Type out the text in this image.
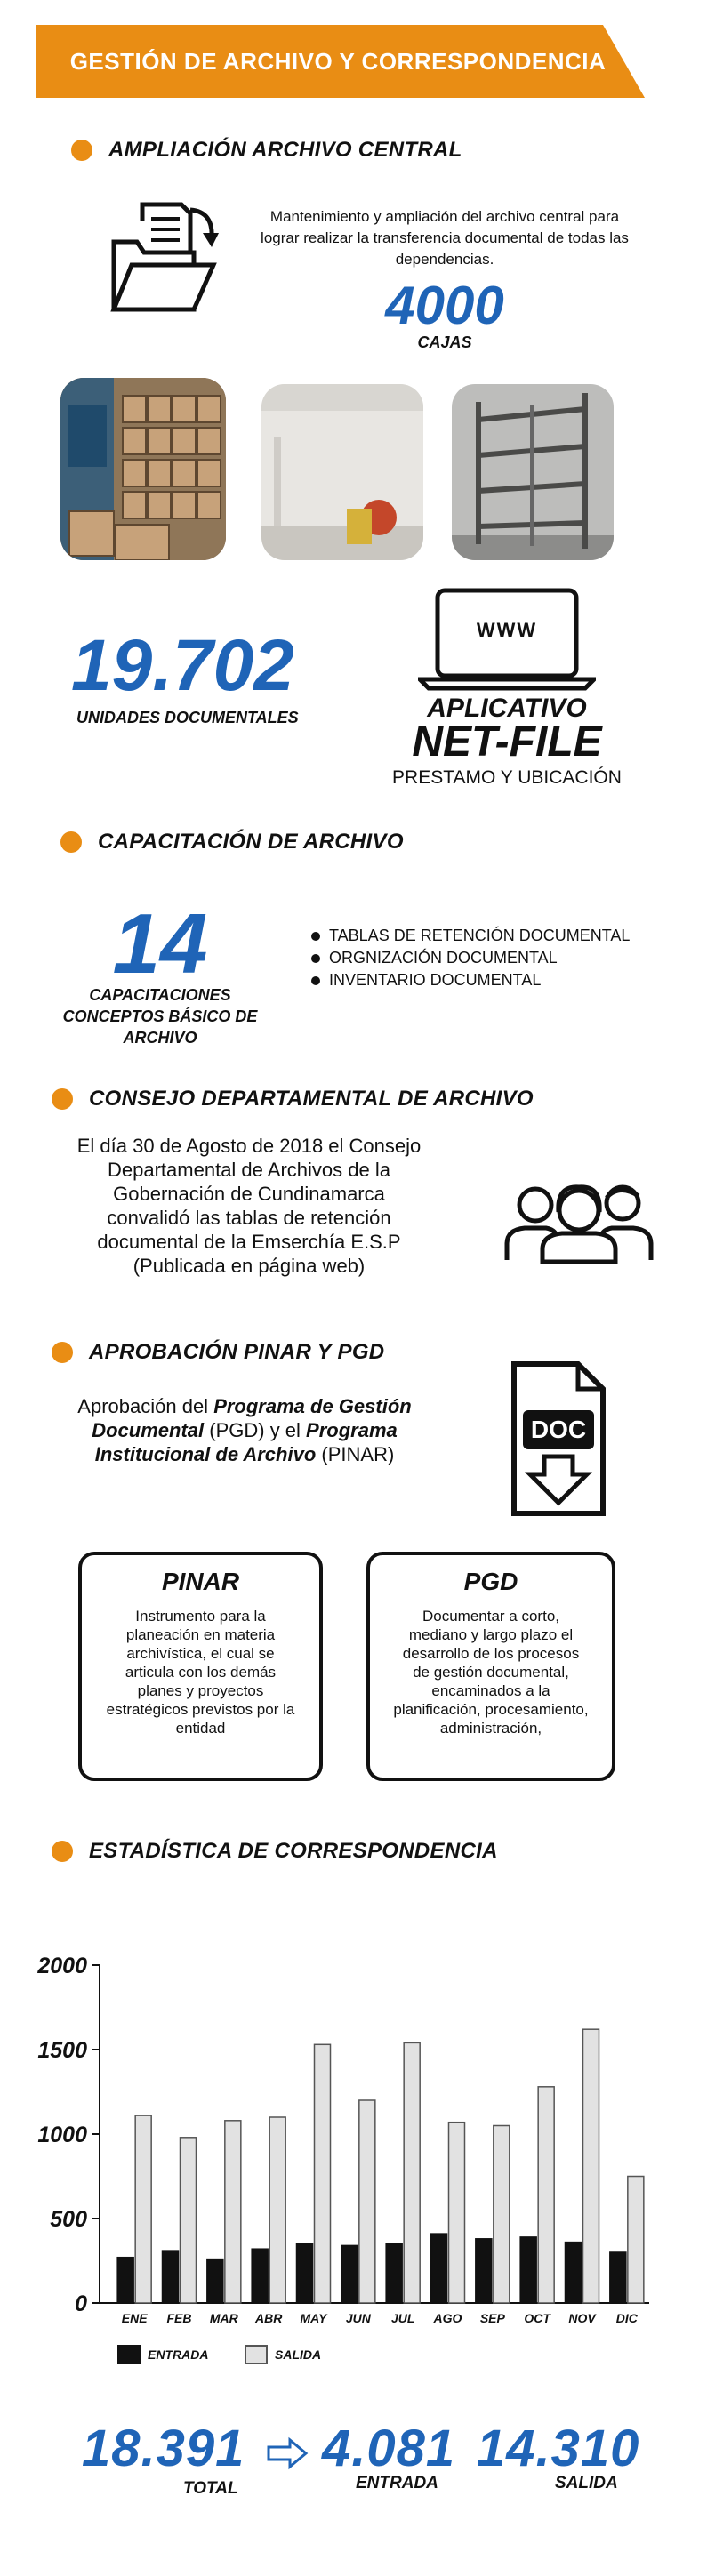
GESTIÓN DE ARCHIVO Y CORRESPONDENCIA
AMPLIACIÓN ARCHIVO CENTRAL
Mantenimiento y ampliación del archivo central para lograr realizar la transferencia documental de todas las dependencias.
4000
CAJAS
19.702
UNIDADES DOCUMENTALES
WWW
APLICATIVO
NET-FILE
PRESTAMO Y UBICACIÓN
CAPACITACIÓN DE ARCHIVO
14
CAPACITACIONES CONCEPTOS BÁSICO DE ARCHIVO
TABLAS DE RETENCIÓN DOCUMENTAL
ORGNIZACIÓN DOCUMENTAL
INVENTARIO DOCUMENTAL
CONSEJO DEPARTAMENTAL DE ARCHIVO
El día 30 de Agosto de 2018 el Consejo
Departamental de Archivos de la
Gobernación de Cundinamarca
convalidó las tablas de retención
documental de la Emserchía E.S.P
(Publicada en página web)
APROBACIÓN PINAR Y PGD
Aprobación del Programa de Gestión
Documental (PGD) y el Programa
Institucional de Archivo (PINAR)
DOC
PINAR
Instrumento para la planeación en materia archivística, el cual se articula con los demás planes y proyectos estratégicos previstos por la entidad
PGD
Documentar a corto, mediano y largo plazo el desarrollo de los procesos de gestión documental, encaminados a la planificación, procesamiento, administración,
ESTADÍSTICA DE CORRESPONDENCIA
0
500
1000
1500
2000
ENE FEB MAR ABR MAY JUN JUL AGO SEP OCT NOV DIC
ENTRADA	SALIDA
18.391
TOTAL
4.081
ENTRADA
14.310
SALIDA
